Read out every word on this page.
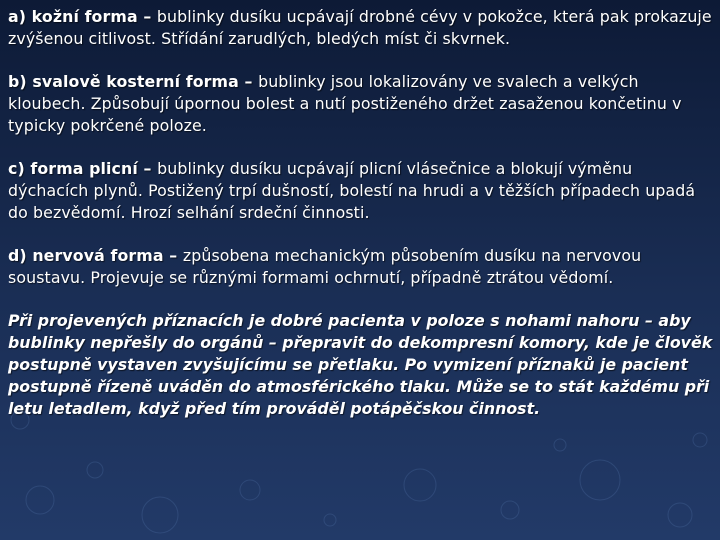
a) kožní forma – bublinky dusíku ucpávají drobné cévy v pokožce, která pak prokazuje zvýšenou citlivost. Střídání zarudlých, bledých míst či skvrnek.

b) svalově kosterní forma – bublinky jsou lokalizovány ve svalech a velkých kloubech. Způsobují úpornou bolest a nutí postiženého držet zasaženou končetinu v typicky pokrčené poloze.

c) forma plicní – bublinky dusíku ucpávají plicní vlásečnice a blokují výměnu dýchacích plynů. Postižený trpí dušností, bolestí na hrudi a v těžších případech upadá do bezvědomí. Hrozí selhání srdeční činnosti.

d) nervová forma – způsobena mechanickým působením dusíku na nervovou soustavu. Projevuje se různými formami ochrnutí, případně ztrátou vědomí.

Při projevených příznacích je dobré pacienta v poloze s nohami nahoru – aby bublinky nepřešly do orgánů – přepravit do dekompresní komory, kde je člověk postupně vystaven zvyšujícímu se přetlaku. Po vymizení příznaků je pacient postupně řízeně uváděn do atmosférického tlaku. Může se to stát každému při letu letadlem, když před tím prováděl potápěčskou činnost.
